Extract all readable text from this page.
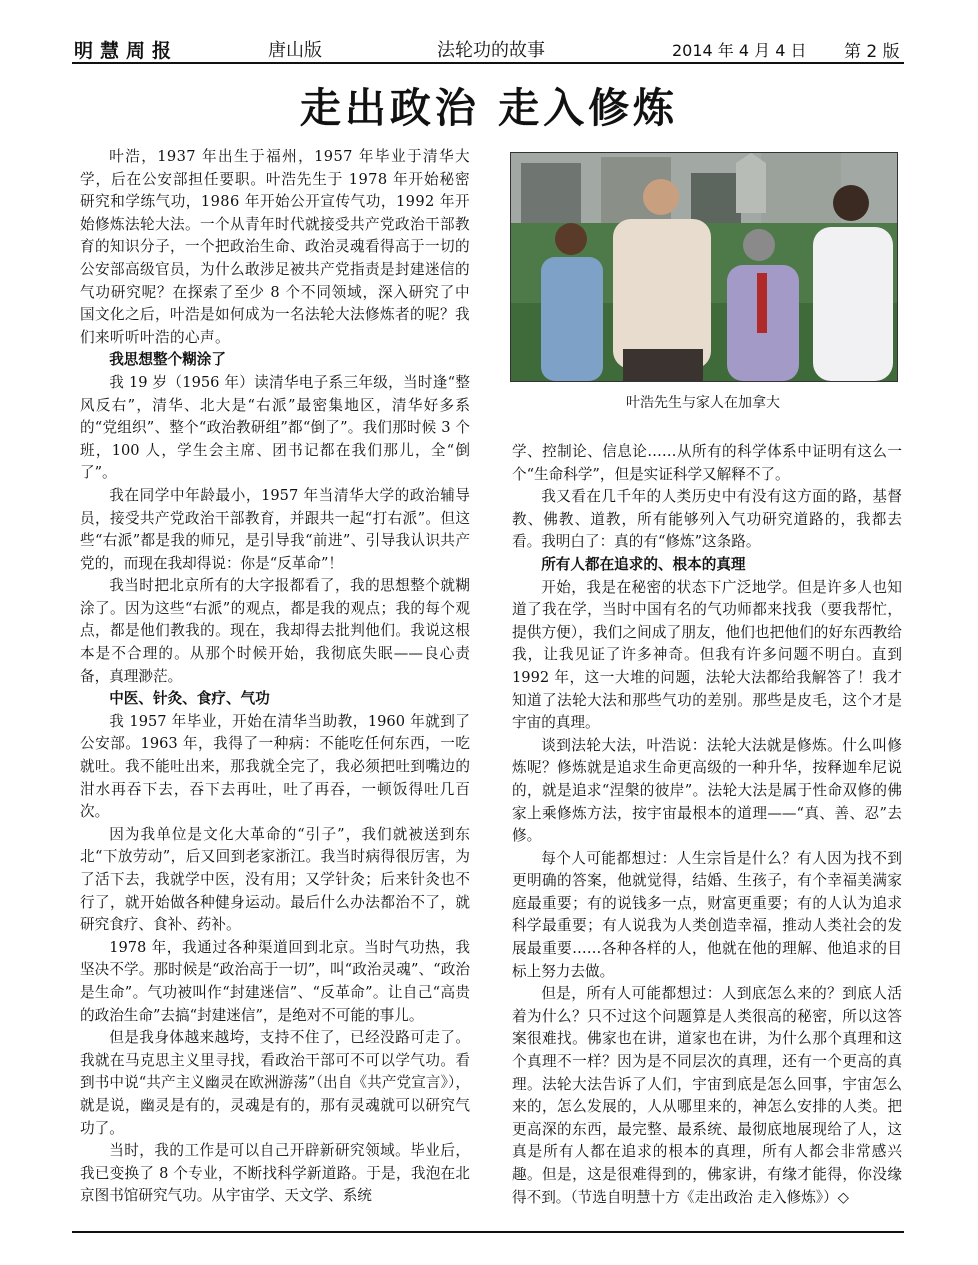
明慧周报	唐山版	法轮功的故事	2014 年 4 月 4 日 第 2 版
走出政治 走入修炼

叶浩，1937 年出生于福州，1957 年毕业于清华大学，后在公安部担任要职。叶浩先生于 1978 年开始秘密研究和学练气功，1986 年开始公开宣传气功，1992 年开始修炼法轮大法。一个从青年时代就接受共产党政治干部教育的知识分子，一个把政治生命、政治灵魂看得高于一切的公安部高级官员，为什么敢涉足被共产党指责是封建迷信的气功研究呢？在探索了至少 8 个不同领域，深入研究了中国文化之后，叶浩是如何成为一名法轮大法修炼者的呢？我们来听听叶浩的心声。

我思想整个糊涂了

我 19 岁（1956 年）读清华电子系三年级，当时逢“整风反右”，清华、北大是“右派”最密集地区，清华好多系的“党组织”、整个“政治教研组”都“倒了”。我们那时候 3 个班，100 人，学生会主席、团书记都在我们那儿，全“倒了”。

我在同学中年龄最小，1957 年当清华大学的政治辅导员，接受共产党政治干部教育，并跟共一起“打右派”。但这些“右派”都是我的师兄，是引导我“前进”、引导我认识共产党的，而现在我却得说：你是“反革命”！

我当时把北京所有的大字报都看了，我的思想整个就糊涂了。因为这些“右派”的观点，都是我的观点；我的每个观点，都是他们教我的。现在，我却得去批判他们。我说这根本是不合理的。从那个时候开始，我彻底失眠——良心责备，真理渺茫。

中医、针灸、食疗、气功

我 1957 年毕业，开始在清华当助教，1960 年就到了公安部。1963 年，我得了一种病：不能吃任何东西，一吃就吐。我不能吐出来，那我就全完了，我必须把吐到嘴边的泔水再吞下去，吞下去再吐，吐了再吞，一顿饭得吐几百次。

因为我单位是文化大革命的“引子”，我们就被送到东北“下放劳动”，后又回到老家浙江。我当时病得很厉害，为了活下去，我就学中医，没有用；又学针灸；后来针灸也不行了，就开始做各种健身运动。最后什么办法都治不了，就研究食疗、食补、药补。

1978 年，我通过各种渠道回到北京。当时气功热，我坚决不学。那时候是“政治高于一切”，叫“政治灵魂”、“政治是生命”。气功被叫作“封建迷信”、“反革命”。让自己“高贵的政治生命”去搞“封建迷信”，是绝对不可能的事儿。

但是我身体越来越垮，支持不住了，已经没路可走了。我就在马克思主义里寻找，看政治干部可不可以学气功。看到书中说“共产主义幽灵在欧洲游荡”（出自《共产党宣言》），就是说，幽灵是有的，灵魂是有的，那有灵魂就可以研究气功了。

当时，我的工作是可以自己开辟新研究领域。毕业后，我已变换了 8 个专业，不断找科学新道路。于是，我泡在北京图书馆研究气功。从宇宙学、天文学、系统

叶浩先生与家人在加拿大

学、控制论、信息论……从所有的科学体系中证明有这么一个“生命科学”，但是实证科学又解释不了。

我又看在几千年的人类历史中有没有这方面的路，基督教、佛教、道教，所有能够列入气功研究道路的，我都去看。我明白了：真的有“修炼”这条路。

所有人都在追求的、根本的真理

开始，我是在秘密的状态下广泛地学。但是许多人也知道了我在学，当时中国有名的气功师都来找我（要我帮忙，提供方便），我们之间成了朋友，他们也把他们的好东西教给我，让我见证了许多神奇。但我有许多问题不明白。直到 1992 年，这一大堆的问题，法轮大法都给我解答了！我才知道了法轮大法和那些气功的差别。那些是皮毛，这个才是宇宙的真理。

谈到法轮大法，叶浩说：法轮大法就是修炼。什么叫修炼呢？修炼就是追求生命更高级的一种升华，按释迦牟尼说的，就是追求“涅槃的彼岸”。法轮大法是属于性命双修的佛家上乘修炼方法，按宇宙最根本的道理——“真、善、忍”去修。

每个人可能都想过：人生宗旨是什么？有人因为找不到更明确的答案，他就觉得，结婚、生孩子，有个幸福美满家庭最重要；有的说钱多一点，财富更重要；有的人认为追求科学最重要；有人说我为人类创造幸福，推动人类社会的发展最重要……各种各样的人，他就在他的理解、他追求的目标上努力去做。

但是，所有人可能都想过：人到底怎么来的？到底人活着为什么？只不过这个问题算是人类很高的秘密，所以这答案很难找。佛家也在讲，道家也在讲，为什么那个真理和这个真理不一样？因为是不同层次的真理，还有一个更高的真理。法轮大法告诉了人们，宇宙到底是怎么回事，宇宙怎么来的，怎么发展的，人从哪里来的，神怎么安排的人类。把更高深的东西，最完整、最系统、最彻底地展现给了人，这真是所有人都在追求的根本的真理，所有人都会非常感兴趣。但是，这是很难得到的，佛家讲，有缘才能得，你没缘得不到。（节选自明慧十方《走出政治 走入修炼》）◇
